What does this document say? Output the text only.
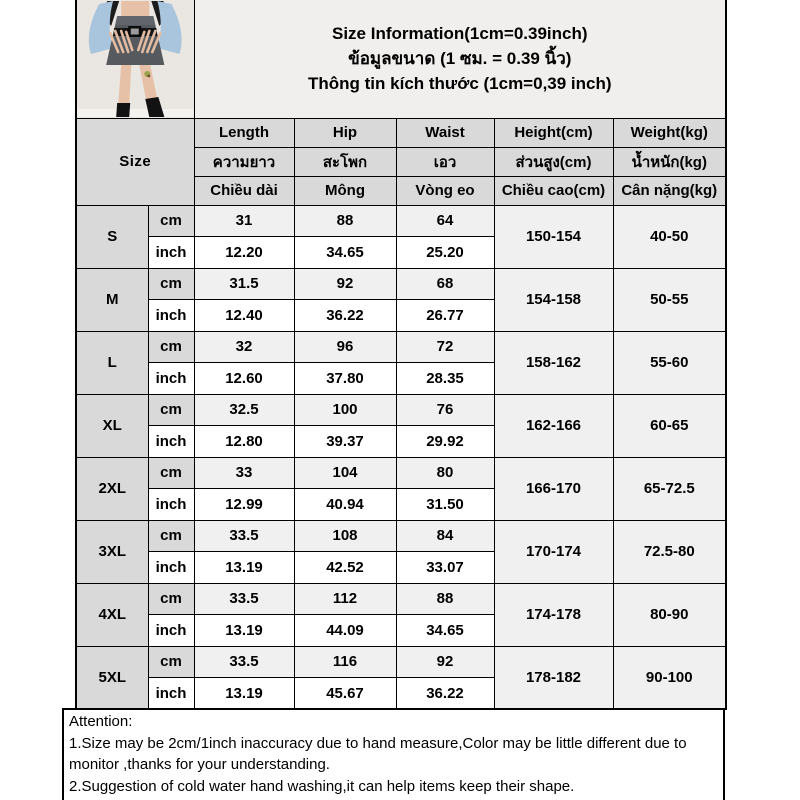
Size Information(1cm=0.39inch)
ข้อมูลขนาด (1 ซม. = 0.39 นิ้ว)
Thông tin kích thước (1cm=0,39 inch)				

Size		Length	Hip	Waist	Height(cm)	Weight(kg)
		ความยาว	สะโพก	เอว	ส่วนสูง(cm)	น้ำหนัก(kg)
		Chiều dài	Mông	Vòng eo	Chiều cao(cm)	Cân nặng(kg)
S	cm	31	88	64	150-154	40-50
	inch	12.20	34.65	25.20		
M	cm	31.5	92	68	154-158	50-55
	inch	12.40	36.22	26.77		
L	cm	32	96	72	158-162	55-60
	inch	12.60	37.80	28.35		
XL	cm	32.5	100	76	162-166	60-65
	inch	12.80	39.37	29.92		
2XL	cm	33	104	80	166-170	65-72.5
	inch	12.99	40.94	31.50		
3XL	cm	33.5	108	84	170-174	72.5-80
	inch	13.19	42.52	33.07		
4XL	cm	33.5	112	88	174-178	80-90
	inch	13.19	44.09	34.65		
5XL	cm	33.5	116	92	178-182	90-100
	inch	13.19	45.67	36.22		
Attention:
1.Size may be 2cm/1inch inaccuracy due to hand measure,Color may be little different due to
monitor ,thanks for your understanding.
2.Suggestion of cold water hand washing,it can help items keep their shape.
